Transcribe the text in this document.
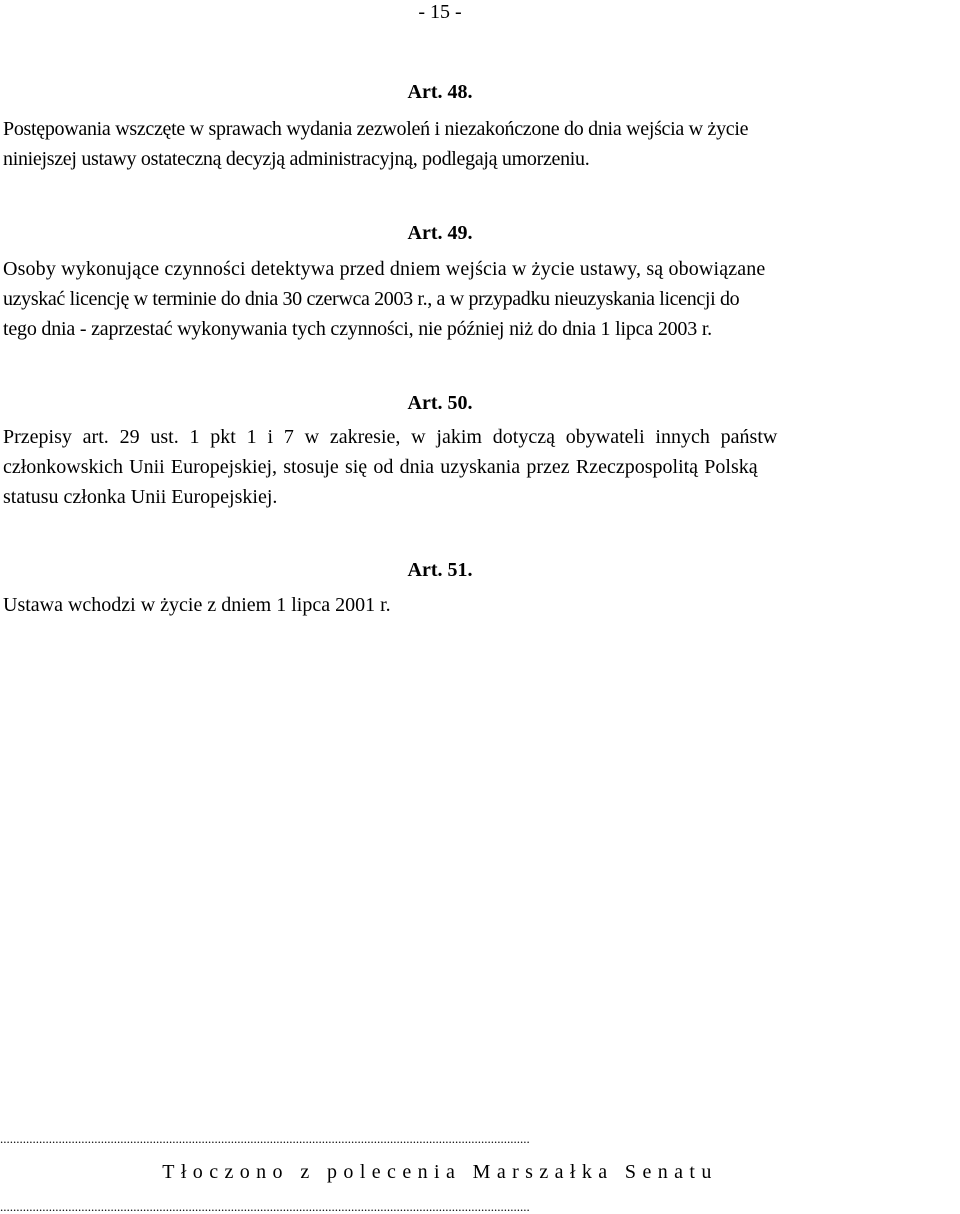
- 15 -
Art. 48.
Postępowania wszczęte w sprawach wydania zezwoleń i niezakończone do dnia wejścia w życie
niniejszej ustawy ostateczną decyzją administracyjną, podlegają umorzeniu.
Art. 49.
Osoby wykonujące czynności detektywa przed dniem wejścia w życie ustawy, są obowiązane
uzyskać licencję w terminie do dnia 30 czerwca 2003 r., a w przypadku nieuzyskania licencji do
tego dnia - zaprzestać wykonywania tych czynności, nie później niż do dnia 1 lipca 2003 r.
Art. 50.
Przepisy art. 29 ust. 1 pkt 1 i 7 w zakresie, w jakim dotyczą obywateli innych państw
członkowskich Unii Europejskiej, stosuje się od dnia uzyskania przez Rzeczpospolitą Polską
statusu członka Unii Europejskiej.
Art. 51.
Ustawa wchodzi w życie z dniem 1 lipca 2001 r.
...................................................................................................................................................................
Tłoczono z polecenia Marszałka Senatu
...................................................................................................................................................................
